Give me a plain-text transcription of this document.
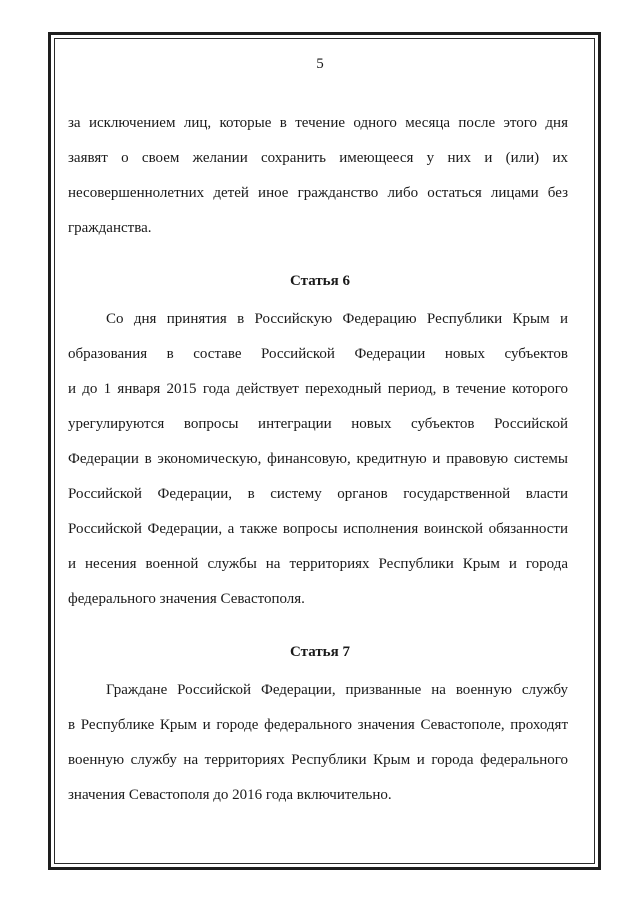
5
за исключением лиц, которые в течение одного месяца после этого дня
заявят о своем желании сохранить имеющееся у них и (или) их
несовершеннолетних детей иное гражданство либо остаться лицами без
гражданства.
Статья 6
Со дня принятия в Российскую Федерацию Республики Крым и
образования в составе Российской Федерации новых субъектов
и до 1 января 2015 года действует переходный период, в течение которого
урегулируются вопросы интеграции новых субъектов Российской
Федерации в экономическую, финансовую, кредитную и правовую системы
Российской Федерации, в систему органов государственной власти
Российской Федерации, а также вопросы исполнения воинской обязанности
и несения военной службы на территориях Республики Крым и города
федерального значения Севастополя.
Статья 7
Граждане Российской Федерации, призванные на военную службу
в Республике Крым и городе федерального значения Севастополе, проходят
военную службу на территориях Республики Крым и города федерального
значения Севастополя до 2016 года включительно.
